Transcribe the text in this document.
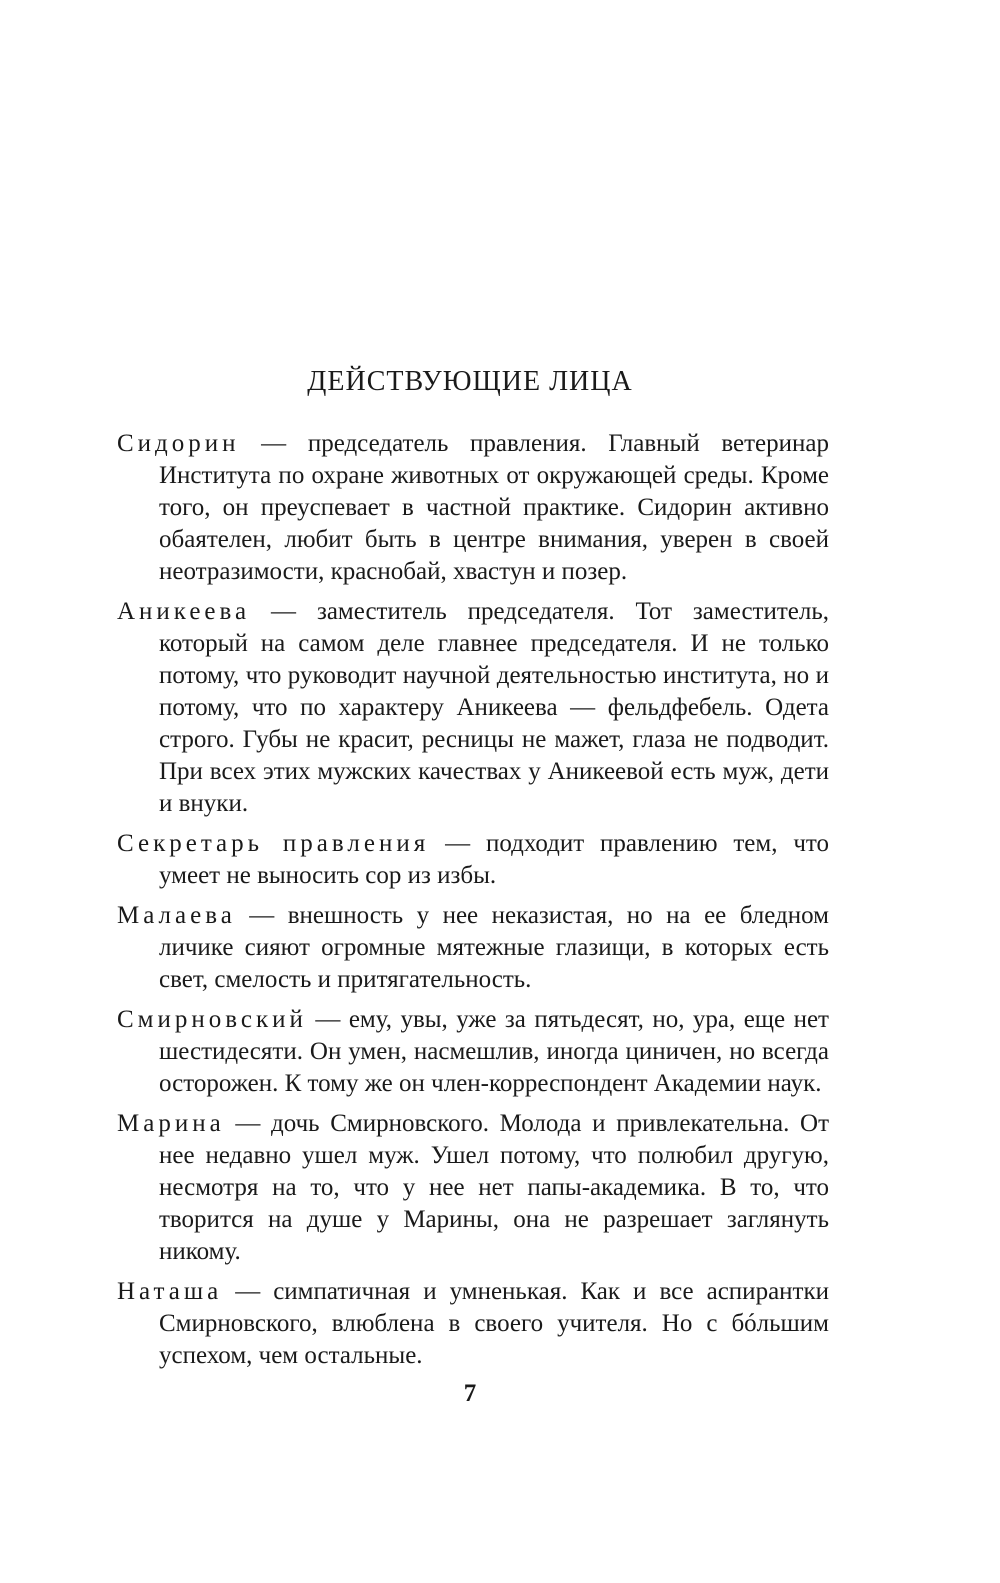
ДЕЙСТВУЮЩИЕ ЛИЦА

Сидорин — председатель правления. Главный ветеринар Института по охране животных от окружающей среды. Кроме того, он преуспевает в частной практике. Сидорин активно обаятелен, любит быть в центре внимания, уверен в своей неотразимости, краснобай, хвастун и позер.

Аникеева — заместитель председателя. Тот заместитель, который на самом деле главнее председателя. И не только потому, что руководит научной деятельностью института, но и потому, что по характеру Аникеева — фельдфебель. Одета строго. Губы не красит, ресницы не мажет, глаза не подводит. При всех этих мужских качествах у Аникеевой есть муж, дети и внуки.

Секретарь правления — подходит правлению тем, что умеет не выносить сор из избы.

Малаева — внешность у нее неказистая, но на ее бледном личике сияют огромные мятежные глазищи, в которых есть свет, смелость и притягательность.

Смирновский — ему, увы, уже за пятьдесят, но, ура, еще нет шестидесяти. Он умен, насмешлив, иногда циничен, но всегда осторожен. К тому же он член-корреспондент Академии наук.

Марина — дочь Смирновского. Молода и привлекательна. От нее недавно ушел муж. Ушел потому, что полюбил другую, несмотря на то, что у нее нет папы-академика. В то, что творится на душе у Марины, она не разрешает заглянуть никому.

Наташа — симпатичная и умненькая. Как и все аспирантки Смирновского, влюблена в своего учителя. Но с бóльшим успехом, чем остальные.

7
